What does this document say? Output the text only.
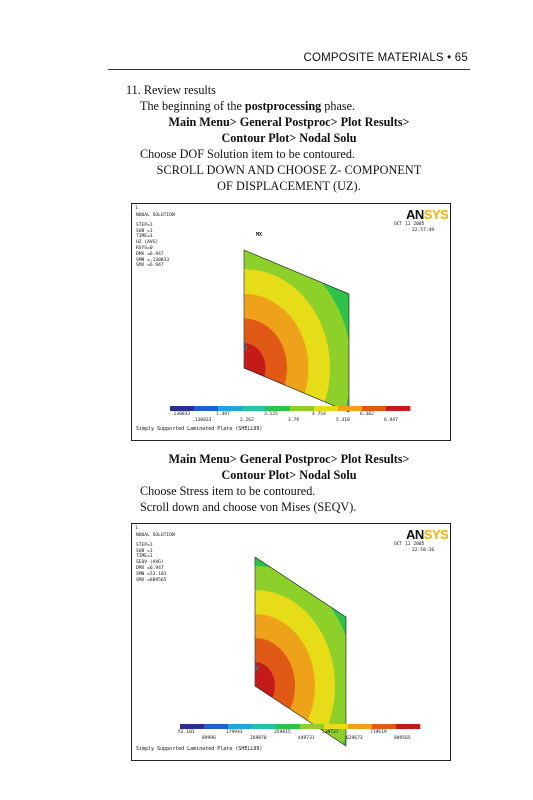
COMPOSITE MATERIALS • 65
11. Review results
The beginning of the postprocessing phase.
Main Menu> General Postproc> Plot Results>
Contour Plot> Nodal Solu
Choose DOF Solution item to be contoured.
SCROLL DOWN AND CHOOSE Z- COMPONENT
OF DISPLACEMENT (UZ).
1
NODAL SOLUTION
STEP=1
SUB =1
TIME=1
UZ (AVG)
RSYS=0
DMX =6.947
SMN =.130833
SMX =6.947
ANSYS
OCT 12 2005
22:57:49
MX
-.130833	1.497	3.125	4.754	6.382
.130833	2.262	3.79	5.318	6.947
Simply Supported Laminated Plate (SHELL99)
Main Menu> General Postproc> Plot Results>
Contour Plot> Nodal Solu
Choose Stress item to be contoured.
Scroll down and choose von Mises (SEQV).
1
NODAL SOLUTION
STEP=1
SUB =1
TIME=1
SEQV (AVG)
DMX =6.947
SMN =53.101
SMX =809565
ANSYS
OCT 12 2005
22:58:16
53.101	179943	359815	539727	719619
89996	269878	449731	629673	809565
Simply Supported Laminated Plate (SHELL99)
